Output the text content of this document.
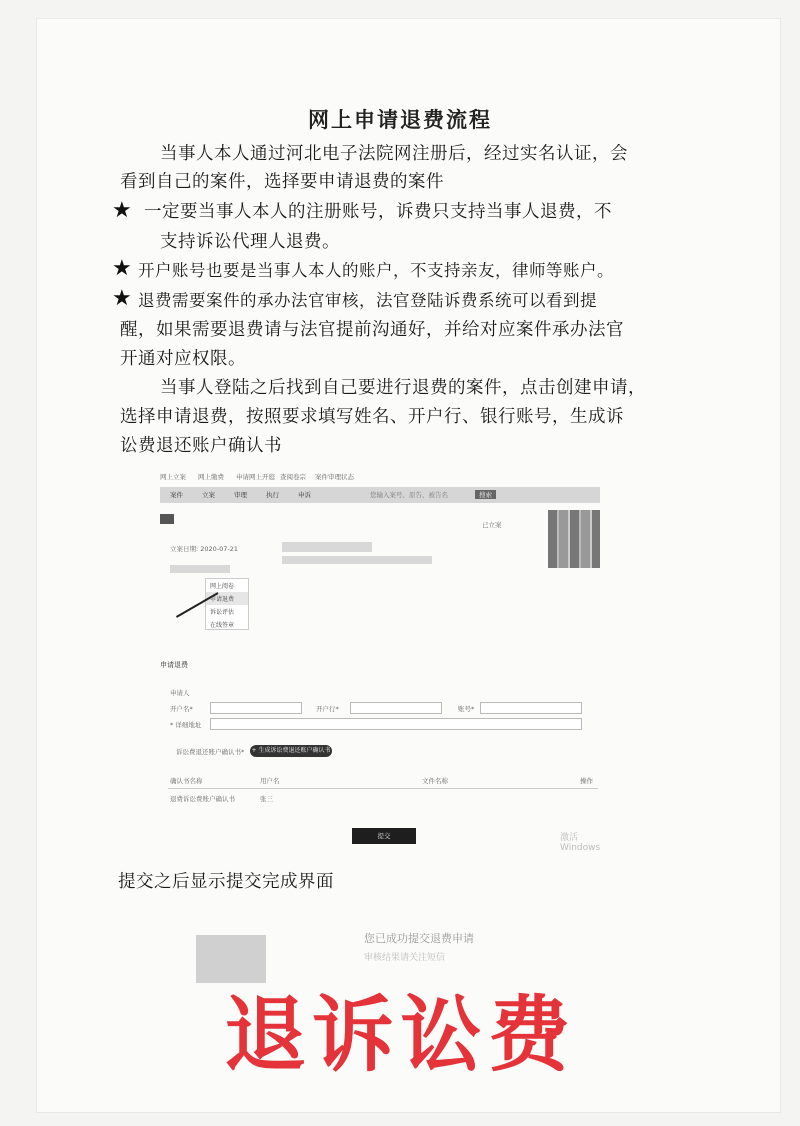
网上申请退费流程
当事人本人通过河北电子法院网注册后，经过实名认证，会
看到自己的案件，选择要申请退费的案件
★ 一定要当事人本人的注册账号，诉费只支持当事人退费，不
支持诉讼代理人退费。
★ 开户账号也要是当事人本人的账户，不支持亲友，律师等账户。
★ 退费需要案件的承办法官审核，法官登陆诉费系统可以看到提
醒，如果需要退费请与法官提前沟通好，并给对应案件承办法官
开通对应权限。
当事人登陆之后找到自己要进行退费的案件，点击创建申请，
选择申请退费，按照要求填写姓名、开户行、银行账号，生成诉
讼费退还账户确认书
网上立案 网上缴费 申请网上开庭 查阅卷宗 案件审理状态
案件	立案	审理	执行	申诉	您输入案号、原告、被告名	搜索
已立案
立案日期: 2020-07-21
网上阅卷
申请退费
诉讼评估
在线签章
申请退费
申请人
开户名*	开户行*	账号*
* 详细地址
诉讼费退还账户确认书* + 生成诉讼费退还账户确认书
确认书名称	用户名	文件名称	操作
退费诉讼费账户确认书	张三
提交	激活 Windows
提交之后显示提交完成界面
您已成功提交退费申请
审核结果请关注短信
退诉讼费
